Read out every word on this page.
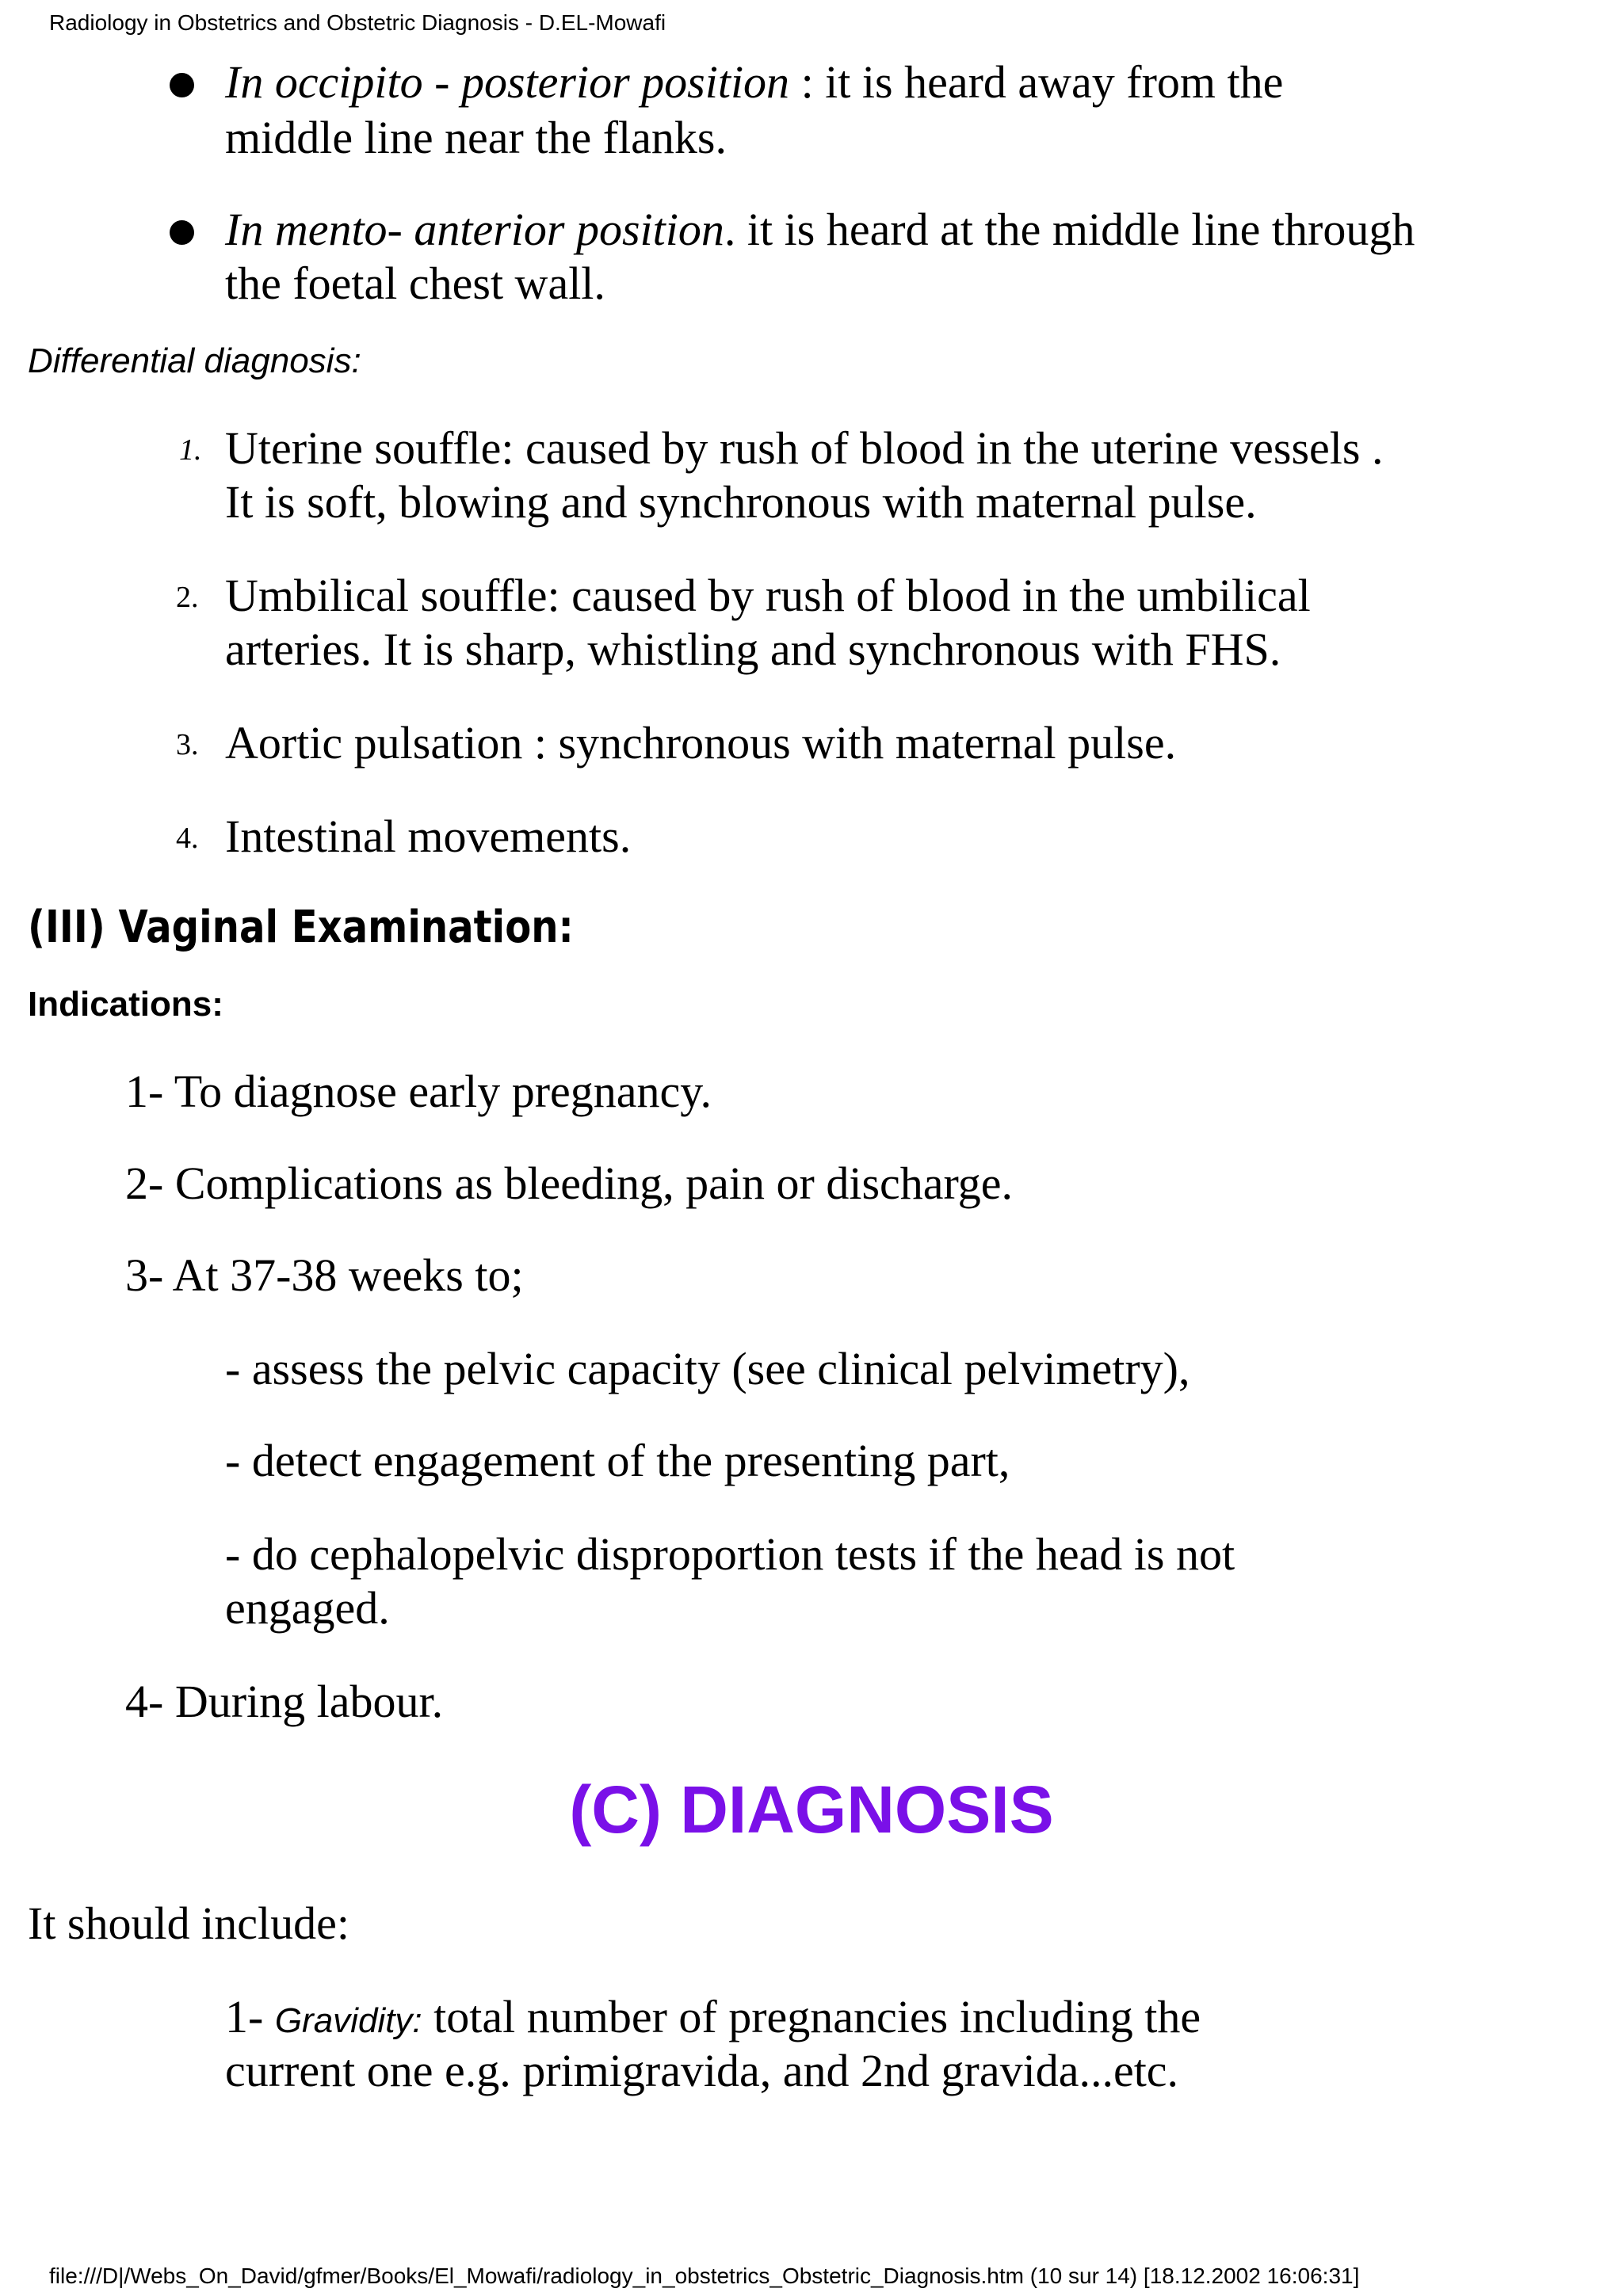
Radiology in Obstetrics and Obstetric Diagnosis - D.EL-Mowafi
In occipito - posterior position : it is heard away from the
middle line near the flanks.
In mento- anterior position. it is heard at the middle line through
the foetal chest wall.
Differential diagnosis:
1. Uterine souffle: caused by rush of blood in the uterine vessels .
It is soft, blowing and synchronous with maternal pulse.
2. Umbilical souffle: caused by rush of blood in the umbilical
arteries. It is sharp, whistling and synchronous with FHS.
3. Aortic pulsation : synchronous with maternal pulse.
4. Intestinal movements.
(III) Vaginal Examination:
Indications:
1- To diagnose early pregnancy.
2- Complications as bleeding, pain or discharge.
3- At 37-38 weeks to;
- assess the pelvic capacity (see clinical pelvimetry),
- detect engagement of the presenting part,
- do cephalopelvic disproportion tests if the head is not
engaged.
4- During labour.
(C) DIAGNOSIS
It should include:
1- Gravidity: total number of pregnancies including the
current one e.g. primigravida, and 2nd gravida...etc.
file:///D|/Webs_On_David/gfmer/Books/El_Mowafi/radiology_in_obstetrics_Obstetric_Diagnosis.htm (10 sur 14) [18.12.2002 16:06:31]
